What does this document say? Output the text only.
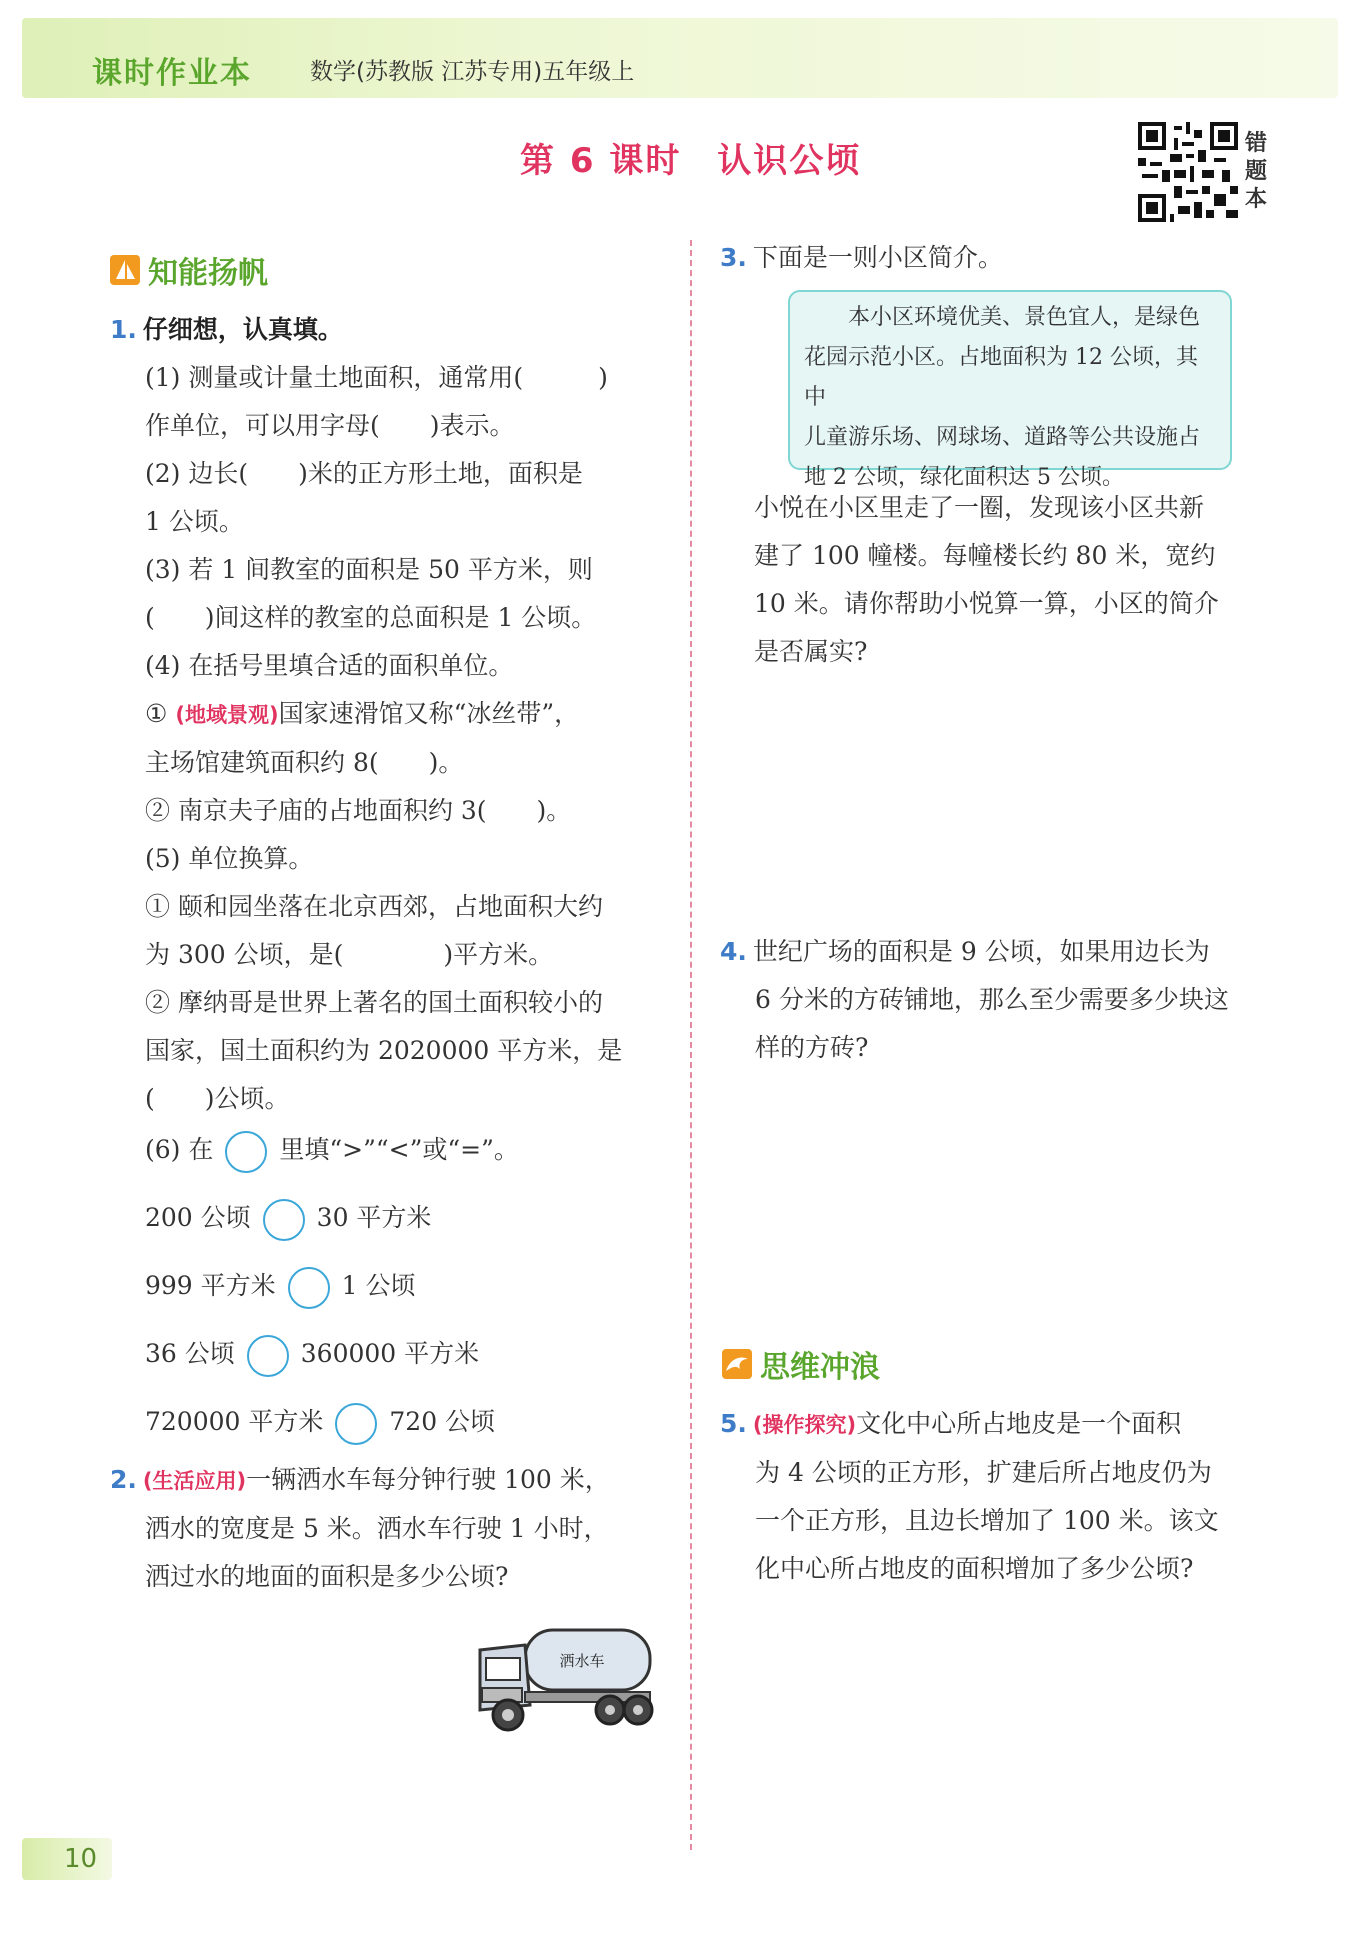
课时作业本	数学(苏教版 江苏专用)五年级上
第 6 课时 认识公顷	错题本
知能扬帆
1. 仔细想，认真填。
(1) 测量或计量土地面积，通常用(　　　)
作单位，可以用字母(　　)表示。
(2) 边长(　　)米的正方形土地，面积是
1 公顷。
(3) 若 1 间教室的面积是 50 平方米，则
(　　)间这样的教室的总面积是 1 公顷。
(4) 在括号里填合适的面积单位。
① (地域景观)国家速滑馆又称“冰丝带”，
主场馆建筑面积约 8(　　)。
② 南京夫子庙的占地面积约 3(　　)。
(5) 单位换算。
① 颐和园坐落在北京西郊，占地面积大约
为 300 公顷，是(　　　　)平方米。
② 摩纳哥是世界上著名的国土面积较小的
国家，国土面积约为 2020000 平方米，是
(　　)公顷。
(6) 在	里填“>”“<”或“=”。
200 公顷	30 平方米
999 平方米	1 公顷
36 公顷	360000 平方米
720000 平方米	720 公顷
2. (生活应用)一辆洒水车每分钟行驶 100 米，
洒水的宽度是 5 米。洒水车行驶 1 小时，
洒过水的地面的面积是多少公顷?
洒水车
3. 下面是一则小区简介。
本小区环境优美、景色宜人，是绿色
花园示范小区。占地面积为 12 公顷，其中
儿童游乐场、网球场、道路等公共设施占
地 2 公顷，绿化面积达 5 公顷。
小悦在小区里走了一圈，发现该小区共新
建了 100 幢楼。每幢楼长约 80 米，宽约
10 米。请你帮助小悦算一算，小区的简介
是否属实?
4. 世纪广场的面积是 9 公顷，如果用边长为
6 分米的方砖铺地，那么至少需要多少块这
样的方砖?
思维冲浪
5. (操作探究)文化中心所占地皮是一个面积
为 4 公顷的正方形，扩建后所占地皮仍为
一个正方形，且边长增加了 100 米。该文
化中心所占地皮的面积增加了多少公顷?
10
